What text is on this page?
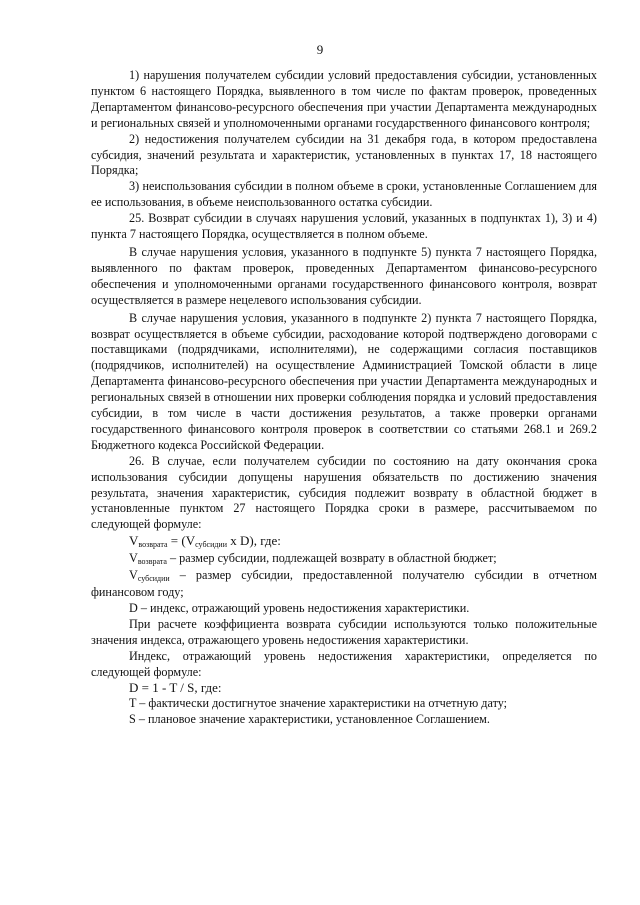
9

1) нарушения получателем субсидии условий предоставления субсидии, установленных пунктом 6 настоящего Порядка, выявленного в том числе по фактам проверок, проведенных Департаментом финансово-ресурсного обеспечения при участии Департамента международных и региональных связей и уполномоченными органами государственного финансового контроля;

2) недостижения получателем субсидии на 31 декабря года, в котором предоставлена субсидия, значений результата и характеристик, установленных в пунктах 17, 18 настоящего Порядка;

3) неиспользования субсидии в полном объеме в сроки, установленные Соглашением для ее использования, в объеме неиспользованного остатка субсидии.

25. Возврат субсидии в случаях нарушения условий, указанных в подпунктах 1), 3) и 4) пункта 7 настоящего Порядка, осуществляется в полном объеме.

В случае нарушения условия, указанного в подпункте 5) пункта 7 настоящего Порядка, выявленного по фактам проверок, проведенных Департаментом финансово-ресурсного обеспечения и уполномоченными органами государственного финансового контроля, возврат осуществляется в размере нецелевого использования субсидии.

В случае нарушения условия, указанного в подпункте 2) пункта 7 настоящего Порядка, возврат осуществляется в объеме субсидии, расходование которой подтверждено договорами с поставщиками (подрядчиками, исполнителями), не содержащими согласия поставщиков (подрядчиков, исполнителей) на осуществление Администрацией Томской области в лице Департамента финансово-ресурсного обеспечения при участии Департамента международных и региональных связей в отношении них проверки соблюдения порядка и условий предоставления субсидии, в том числе в части достижения результатов, а также проверки органами государственного финансового контроля проверок в соответствии со статьями 268.1 и 269.2 Бюджетного кодекса Российской Федерации.

26. В случае, если получателем субсидии по состоянию на дату окончания срока использования субсидии допущены нарушения обязательств по достижению значения результата, значения характеристик, субсидия подлежит возврату в областной бюджет в установленные пунктом 27 настоящего Порядка сроки в размере, рассчитываемом по следующей формуле:

$V_{возврата} = (V_{субсидии}$ x D), где:

$V_{возврата}$ – размер субсидии, подлежащей возврату в областной бюджет;

$V_{субсидии}$ – размер субсидии, предоставленной получателю субсидии в отчетном финансовом году;

D – индекс, отражающий уровень недостижения характеристики.

При расчете коэффициента возврата субсидии используются только положительные значения индекса, отражающего уровень недостижения характеристики.

Индекс, отражающий уровень недостижения характеристики, определяется по следующей формуле:

D = 1 - T / S, где:

T – фактически достигнутое значение характеристики на отчетную дату;

S – плановое значение характеристики, установленное Соглашением.
